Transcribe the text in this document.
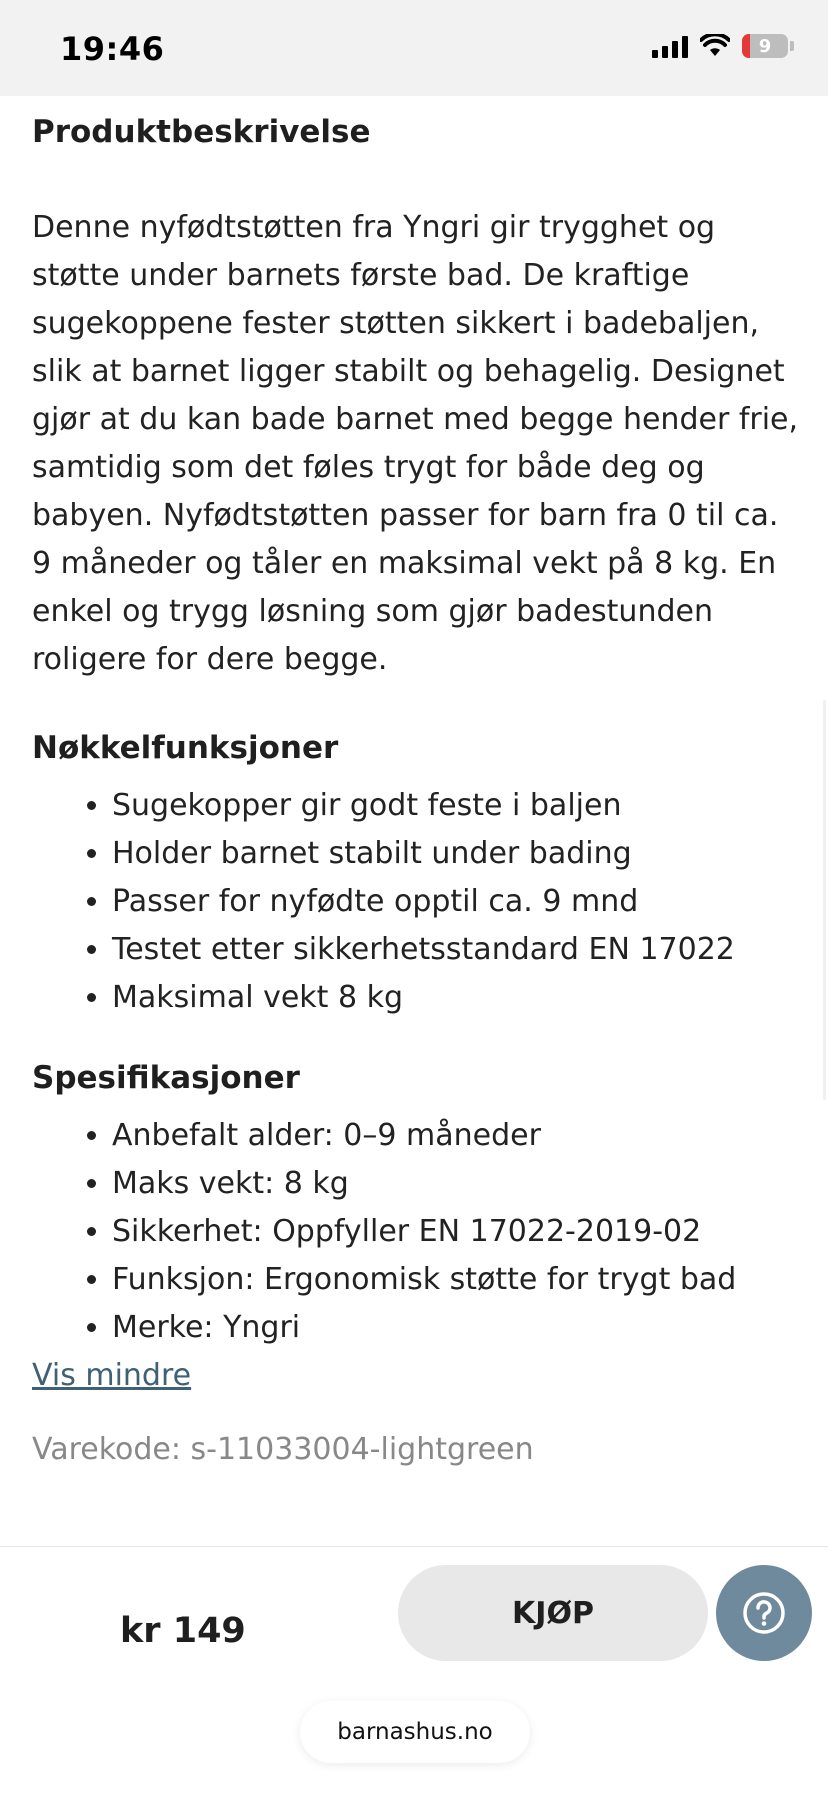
19:46	9
Produktbeskrivelse

Denne nyfødtstøtten fra Yngri gir trygghet og støtte under barnets første bad. De kraftige sugekoppene fester støtten sikkert i badebaljen, slik at barnet ligger stabilt og behagelig. Designet gjør at du kan bade barnet med begge hender frie, samtidig som det føles trygt for både deg og babyen. Nyfødtstøtten passer for barn fra 0 til ca. 9 måneder og tåler en maksimal vekt på 8 kg. En enkel og trygg løsning som gjør badestunden roligere for dere begge.

Nøkkelfunksjoner
• Sugekopper gir godt feste i baljen
• Holder barnet stabilt under bading
• Passer for nyfødte opptil ca. 9 mnd
• Testet etter sikkerhetsstandard EN 17022
• Maksimal vekt 8 kg
Spesifikasjoner
• Anbefalt alder: 0–9 måneder
• Maks vekt: 8 kg
• Sikkerhet: Oppfyller EN 17022-2019-02
• Funksjon: Ergonomisk støtte for trygt bad
• Merke: Yngri
Vis mindre
Varekode: s-11033004-lightgreen
kr 149	KJØP
barnashus.no
